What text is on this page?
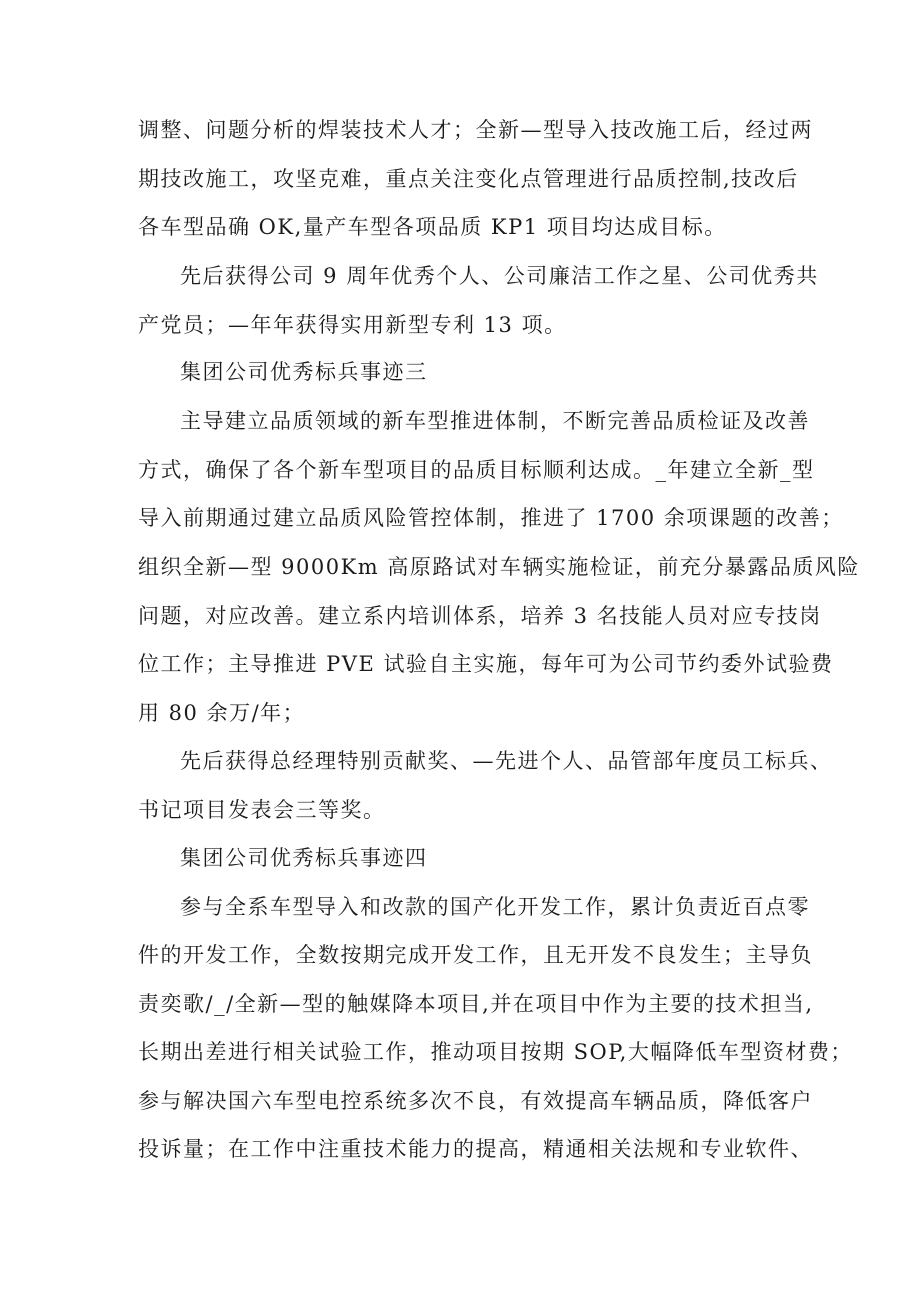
调整、问题分析的焊装技术人才；全新—型导入技改施工后，经过两
期技改施工，攻坚克难，重点关注变化点管理进行品质控制,技改后
各车型品确 OK,量产车型各项品质 KP1 项目均达成目标。
先后获得公司 9 周年优秀个人、公司廉洁工作之星、公司优秀共
产党员；—年年获得实用新型专利 13 项。
集团公司优秀标兵事迹三
主导建立品质领域的新车型推进体制，不断完善品质检证及改善
方式，确保了各个新车型项目的品质目标顺利达成。_年建立全新_型
导入前期通过建立品质风险管控体制，推进了 1700 余项课题的改善；
组织全新—型 9000Km 高原路试对车辆实施检证，前充分暴露品质风险
问题，对应改善。建立系内培训体系，培养 3 名技能人员对应专技岗
位工作；主导推进 PVE 试验自主实施，每年可为公司节约委外试验费
用 80 余万/年；
先后获得总经理特别贡献奖、—先进个人、品管部年度员工标兵、
书记项目发表会三等奖。
集团公司优秀标兵事迹四
参与全系车型导入和改款的国产化开发工作，累计负责近百点零
件的开发工作，全数按期完成开发工作，且无开发不良发生；主导负
责奕歌/_/全新—型的触媒降本项目,并在项目中作为主要的技术担当,
长期出差进行相关试验工作，推动项目按期 SOP,大幅降低车型资材费；
参与解决国六车型电控系统多次不良，有效提高车辆品质，降低客户
投诉量；在工作中注重技术能力的提高，精通相关法规和专业软件、
